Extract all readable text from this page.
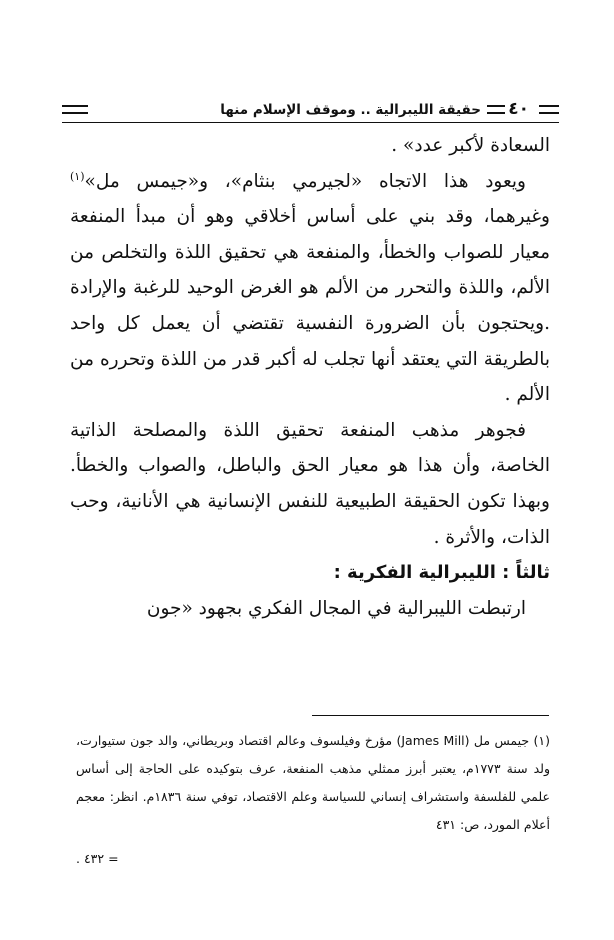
٤٠
حقيقة الليبرالية .. وموقف الإسلام منها

السعادة لأكبر عدد» .

ويعود هذا الاتجاه «لجيرمي بنثام»، و«جيمس مل»$^{(١)}$ وغيرهما، وقد بني على أساس أخلاقي وهو أن مبدأ المنفعة معيار للصواب والخطأ، والمنفعة هي تحقيق اللذة والتخلص من الألم، واللذة والتحرر من الألم هو الغرض الوحيد للرغبة والإرادة .ويحتجون بأن الضرورة النفسية تقتضي أن يعمل كل واحد بالطريقة التي يعتقد أنها تجلب له أكبر قدر من اللذة وتحرره من الألم .

فجوهر مذهب المنفعة تحقيق اللذة والمصلحة الذاتية الخاصة، وأن هذا هو معيار الحق والباطل، والصواب والخطأ. وبهذا تكون الحقيقة الطبيعية للنفس الإنسانية هي الأنانية، وحب الذات، والأثرة .

ثالثاً : الليبرالية الفكرية :

ارتبطت الليبرالية في المجال الفكري بجهود «جون

(١) جيمس مل (James Mill) مؤرخ وفيلسوف وعالم اقتصاد وبريطاني، والد جون ستيوارت، ولد سنة ١٧٧٣م، يعتبر أبرز ممثلي مذهب المنفعة، عرف بتوكيده على الحاجة إلى أساس علمي للفلسفة واستشراف إنساني للسياسة وعلم الاقتصاد، توفي سنة ١٨٣٦م. انظر: معجم أعلام المورد، ص: ٤٣١

= ٤٣٢ .
